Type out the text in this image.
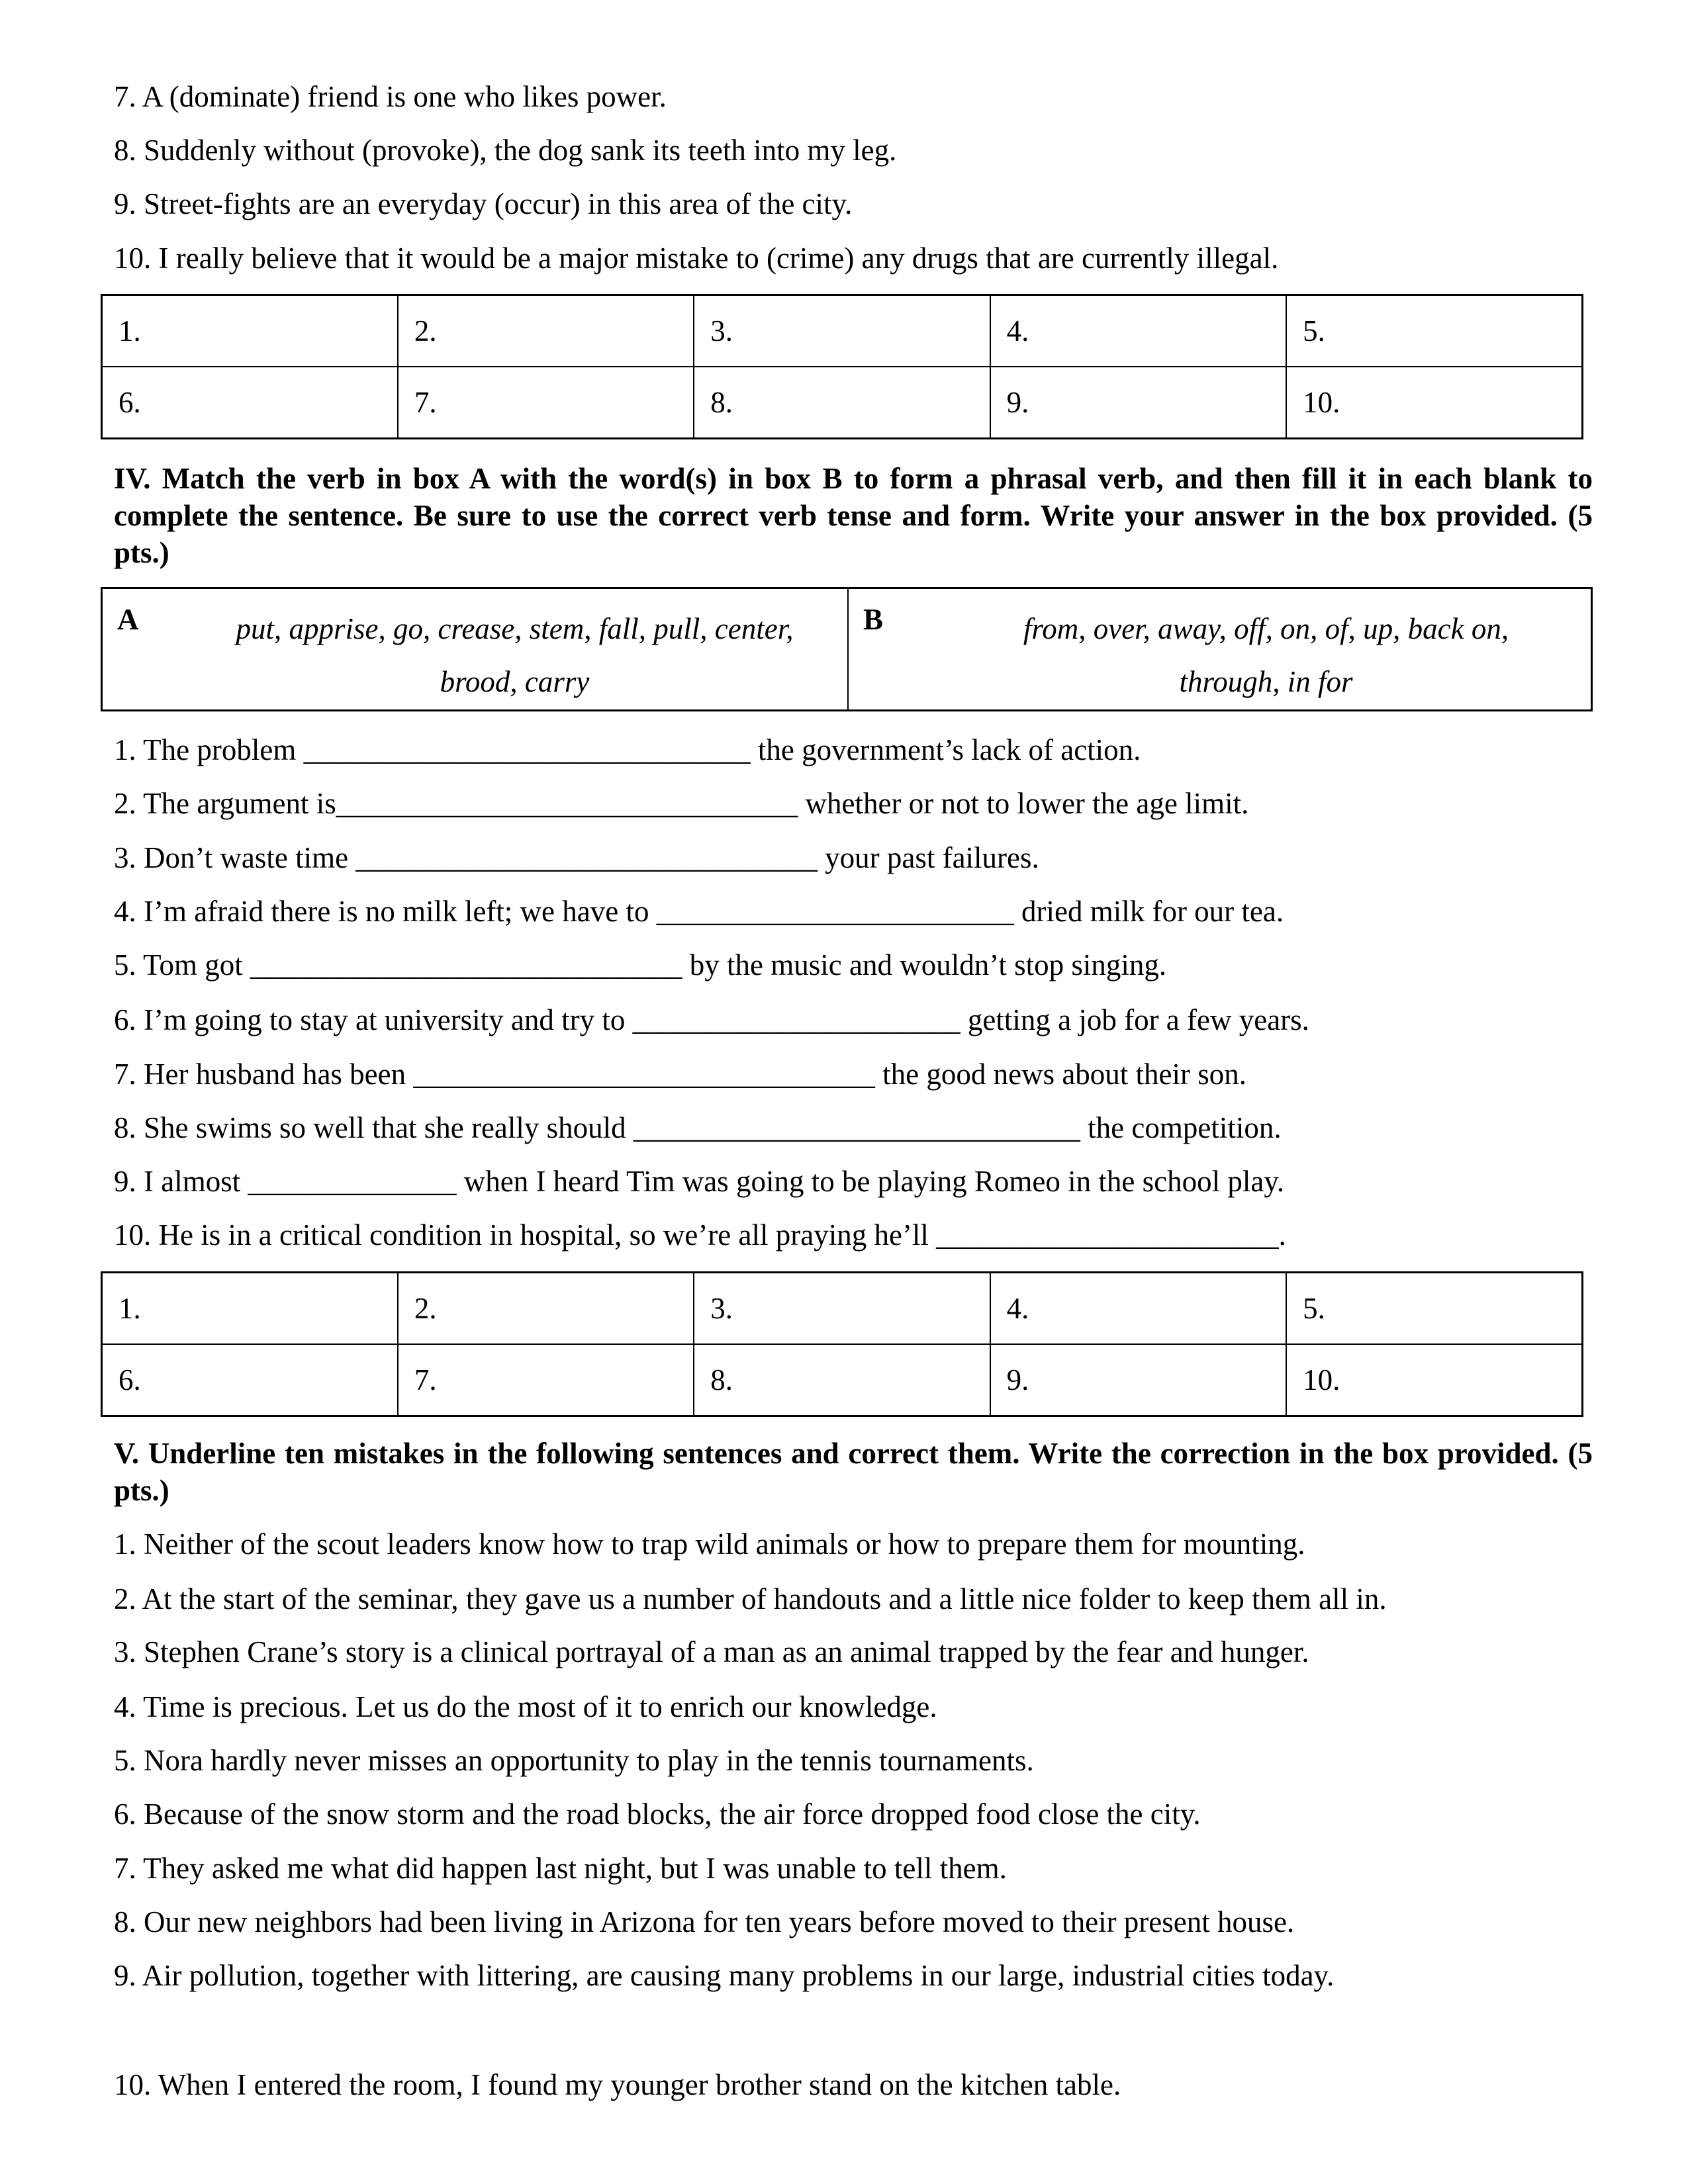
7. A (dominate) friend is one who likes power.
8. Suddenly without (provoke), the dog sank its teeth into my leg.
9. Street-fights are an everyday (occur) in this area of the city.
10. I really believe that it would be a major mistake to (crime) any drugs that are currently illegal.
1.	2.	3.	4.	5.
6.	7.	8.	9.	10.
IV. Match the verb in box A with the word(s) in box B to form a phrasal verb, and then fill it in each blank to complete the sentence. Be sure to use the correct verb tense and form. Write your answer in the box provided. (5 pts.)
A	put, apprise, go, crease, stem, fall, pull, center, brood, carry
B	from, over, away, off, on, of, up, back on, through, in for
1. The problem ______________________________ the government’s lack of action.
2. The argument is_______________________________ whether or not to lower the age limit.
3. Don’t waste time _______________________________ your past failures.
4. I’m afraid there is no milk left; we have to ________________________ dried milk for our tea.
5. Tom got _____________________________ by the music and wouldn’t stop singing.
6. I’m going to stay at university and try to ______________________ getting a job for a few years.
7. Her husband has been _______________________________ the good news about their son.
8. She swims so well that she really should ______________________________ the competition.
9. I almost ______________ when I heard Tim was going to be playing Romeo in the school play.
10. He is in a critical condition in hospital, so we’re all praying he’ll _______________________.
1.	2.	3.	4.	5.
6.	7.	8.	9.	10.
V. Underline ten mistakes in the following sentences and correct them. Write the correction in the box provided. (5 pts.)
1. Neither of the scout leaders know how to trap wild animals or how to prepare them for mounting.
2. At the start of the seminar, they gave us a number of handouts and a little nice folder to keep them all in.
3. Stephen Crane’s story is a clinical portrayal of a man as an animal trapped by the fear and hunger.
4. Time is precious. Let us do the most of it to enrich our knowledge.
5. Nora hardly never misses an opportunity to play in the tennis tournaments.
6. Because of the snow storm and the road blocks, the air force dropped food close the city.
7. They asked me what did happen last night, but I was unable to tell them.
8. Our new neighbors had been living in Arizona for ten years before moved to their present house.
9. Air pollution, together with littering, are causing many problems in our large, industrial cities today.
10. When I entered the room, I found my younger brother stand on the kitchen table.
